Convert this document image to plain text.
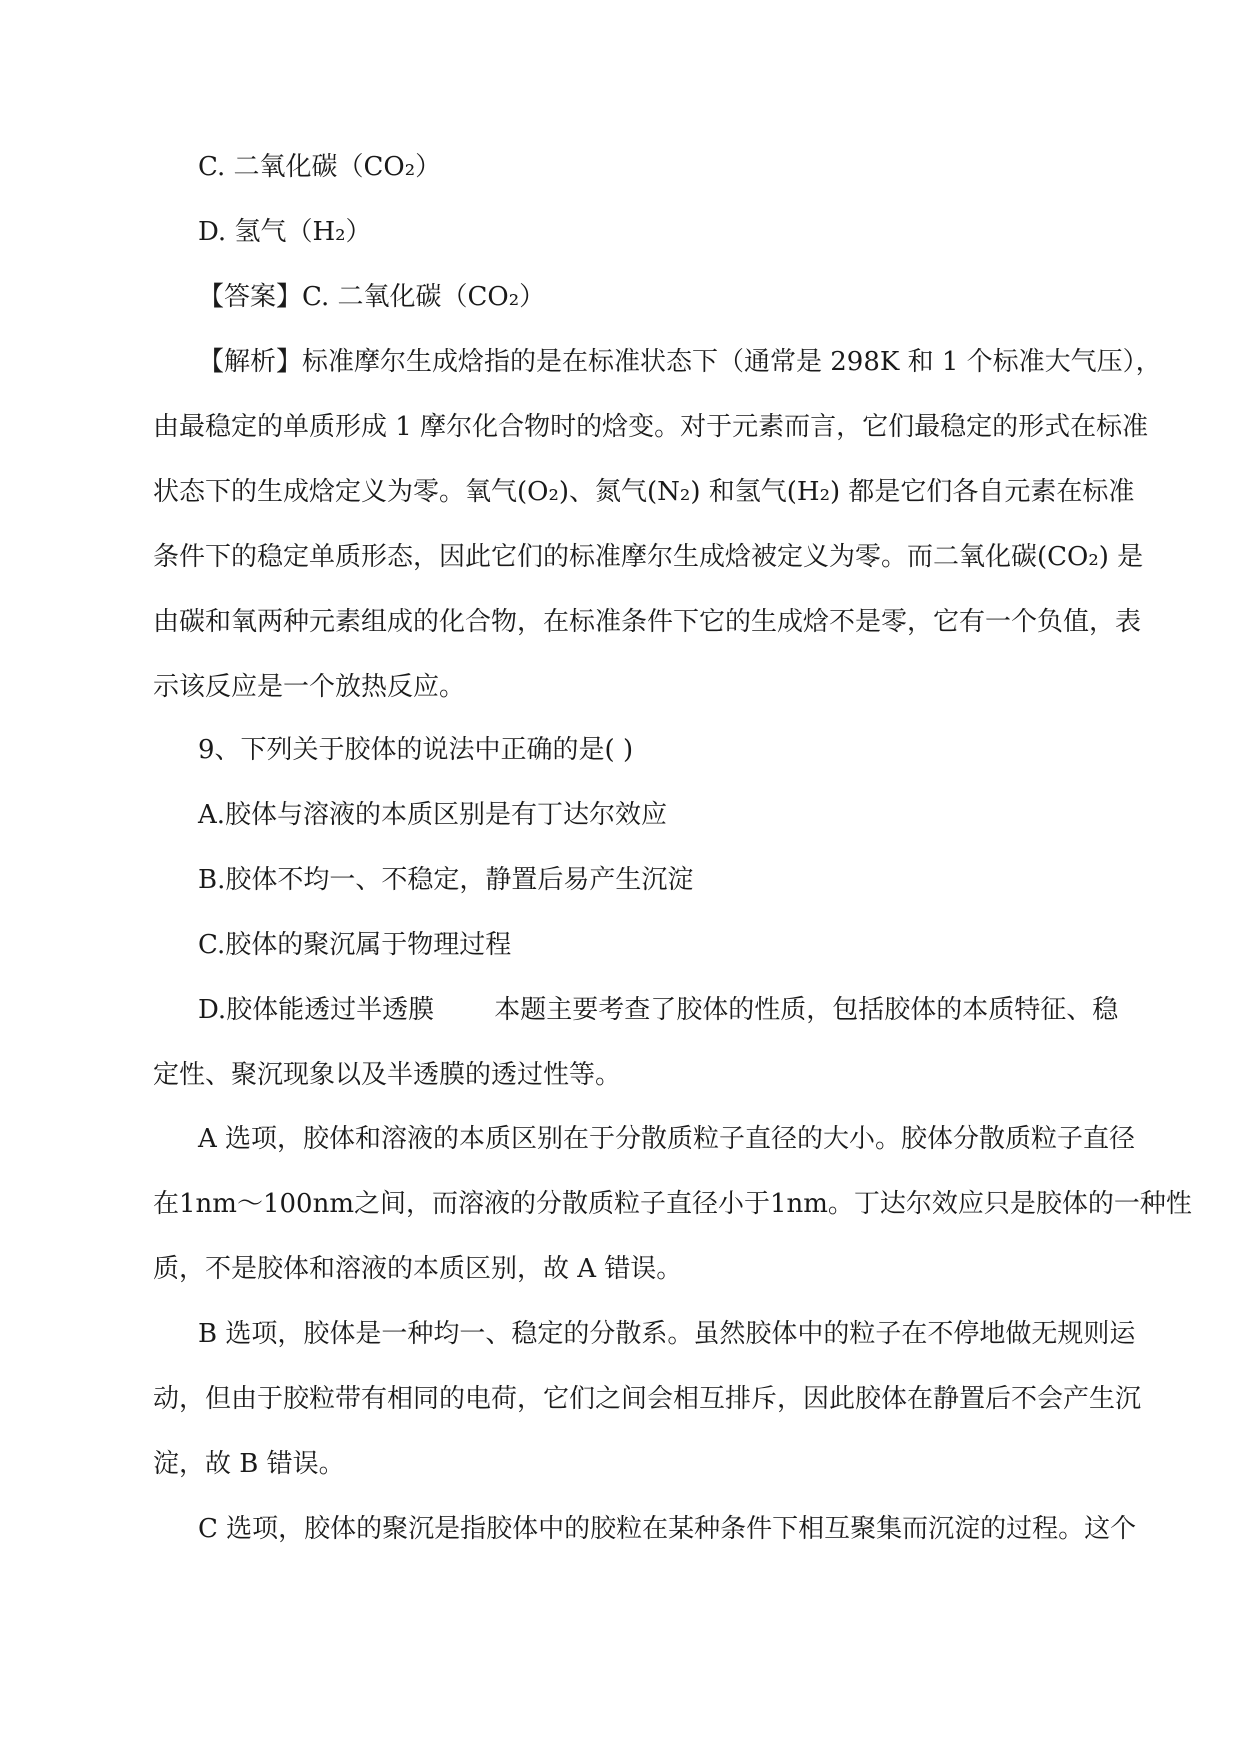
C. 二氧化碳（CO₂）
D. 氢气（H₂）
【答案】C. 二氧化碳（CO₂）
【解析】标准摩尔生成焓指的是在标准状态下（通常是 298K 和 1 个标准大气压），
由最稳定的单质形成 1 摩尔化合物时的焓变。对于元素而言，它们最稳定的形式在标准
状态下的生成焓定义为零。氧气(O₂)、氮气(N₂) 和氢气(H₂) 都是它们各自元素在标准
条件下的稳定单质形态，因此它们的标准摩尔生成焓被定义为零。而二氧化碳(CO₂) 是
由碳和氧两种元素组成的化合物，在标准条件下它的生成焓不是零，它有一个负值，表
示该反应是一个放热反应。
9、下列关于胶体的说法中正确的是( )
A.胶体与溶液的本质区别是有丁达尔效应
B.胶体不均一、不稳定，静置后易产生沉淀
C.胶体的聚沉属于物理过程
D.胶体能透过半透膜 本题主要考查了胶体的性质，包括胶体的本质特征、稳
定性、聚沉现象以及半透膜的透过性等。
A 选项，胶体和溶液的本质区别在于分散质粒子直径的大小。胶体分散质粒子直径
在1nm～100nm之间，而溶液的分散质粒子直径小于1nm。丁达尔效应只是胶体的一种性
质，不是胶体和溶液的本质区别，故 A 错误。
B 选项，胶体是一种均一、稳定的分散系。虽然胶体中的粒子在不停地做无规则运
动，但由于胶粒带有相同的电荷，它们之间会相互排斥，因此胶体在静置后不会产生沉
淀，故 B 错误。
C 选项，胶体的聚沉是指胶体中的胶粒在某种条件下相互聚集而沉淀的过程。这个
